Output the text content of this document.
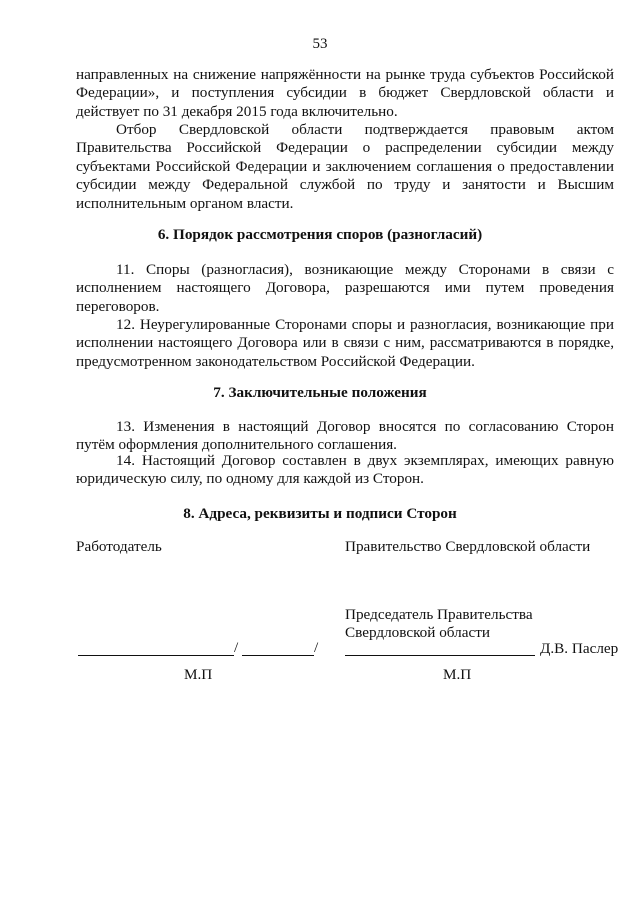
53

направленных на снижение напряжённости на рынке труда субъектов Российской Федерации», и поступления субсидии в бюджет Свердловской области и действует по 31 декабря 2015 года включительно.

Отбор Свердловской области подтверждается правовым актом Правительства Российской Федерации о распределении субсидии между субъектами Российской Федерации и заключением соглашения о предоставлении субсидии между Федеральной службой по труду и занятости и Высшим исполнительным органом власти.

6. Порядок рассмотрения споров (разногласий)

11. Споры (разногласия), возникающие между Сторонами в связи с исполнением настоящего Договора, разрешаются ими путем проведения переговоров.

12. Неурегулированные Сторонами споры и разногласия, возникающие при исполнении настоящего Договора или в связи с ним, рассматриваются в порядке, предусмотренном законодательством Российской Федерации.

7. Заключительные положения

13. Изменения в настоящий Договор вносятся по согласованию Сторон путём оформления дополнительного соглашения.

14. Настоящий Договор составлен в двух экземплярах, имеющих равную юридическую силу, по одному для каждой из Сторон.

8. Адреса, реквизиты и подписи Сторон
Работодатель	Правительство Свердловской области
Председатель Правительства
Свердловской области
/	/	Д.В. Паслер
М.П	М.П
